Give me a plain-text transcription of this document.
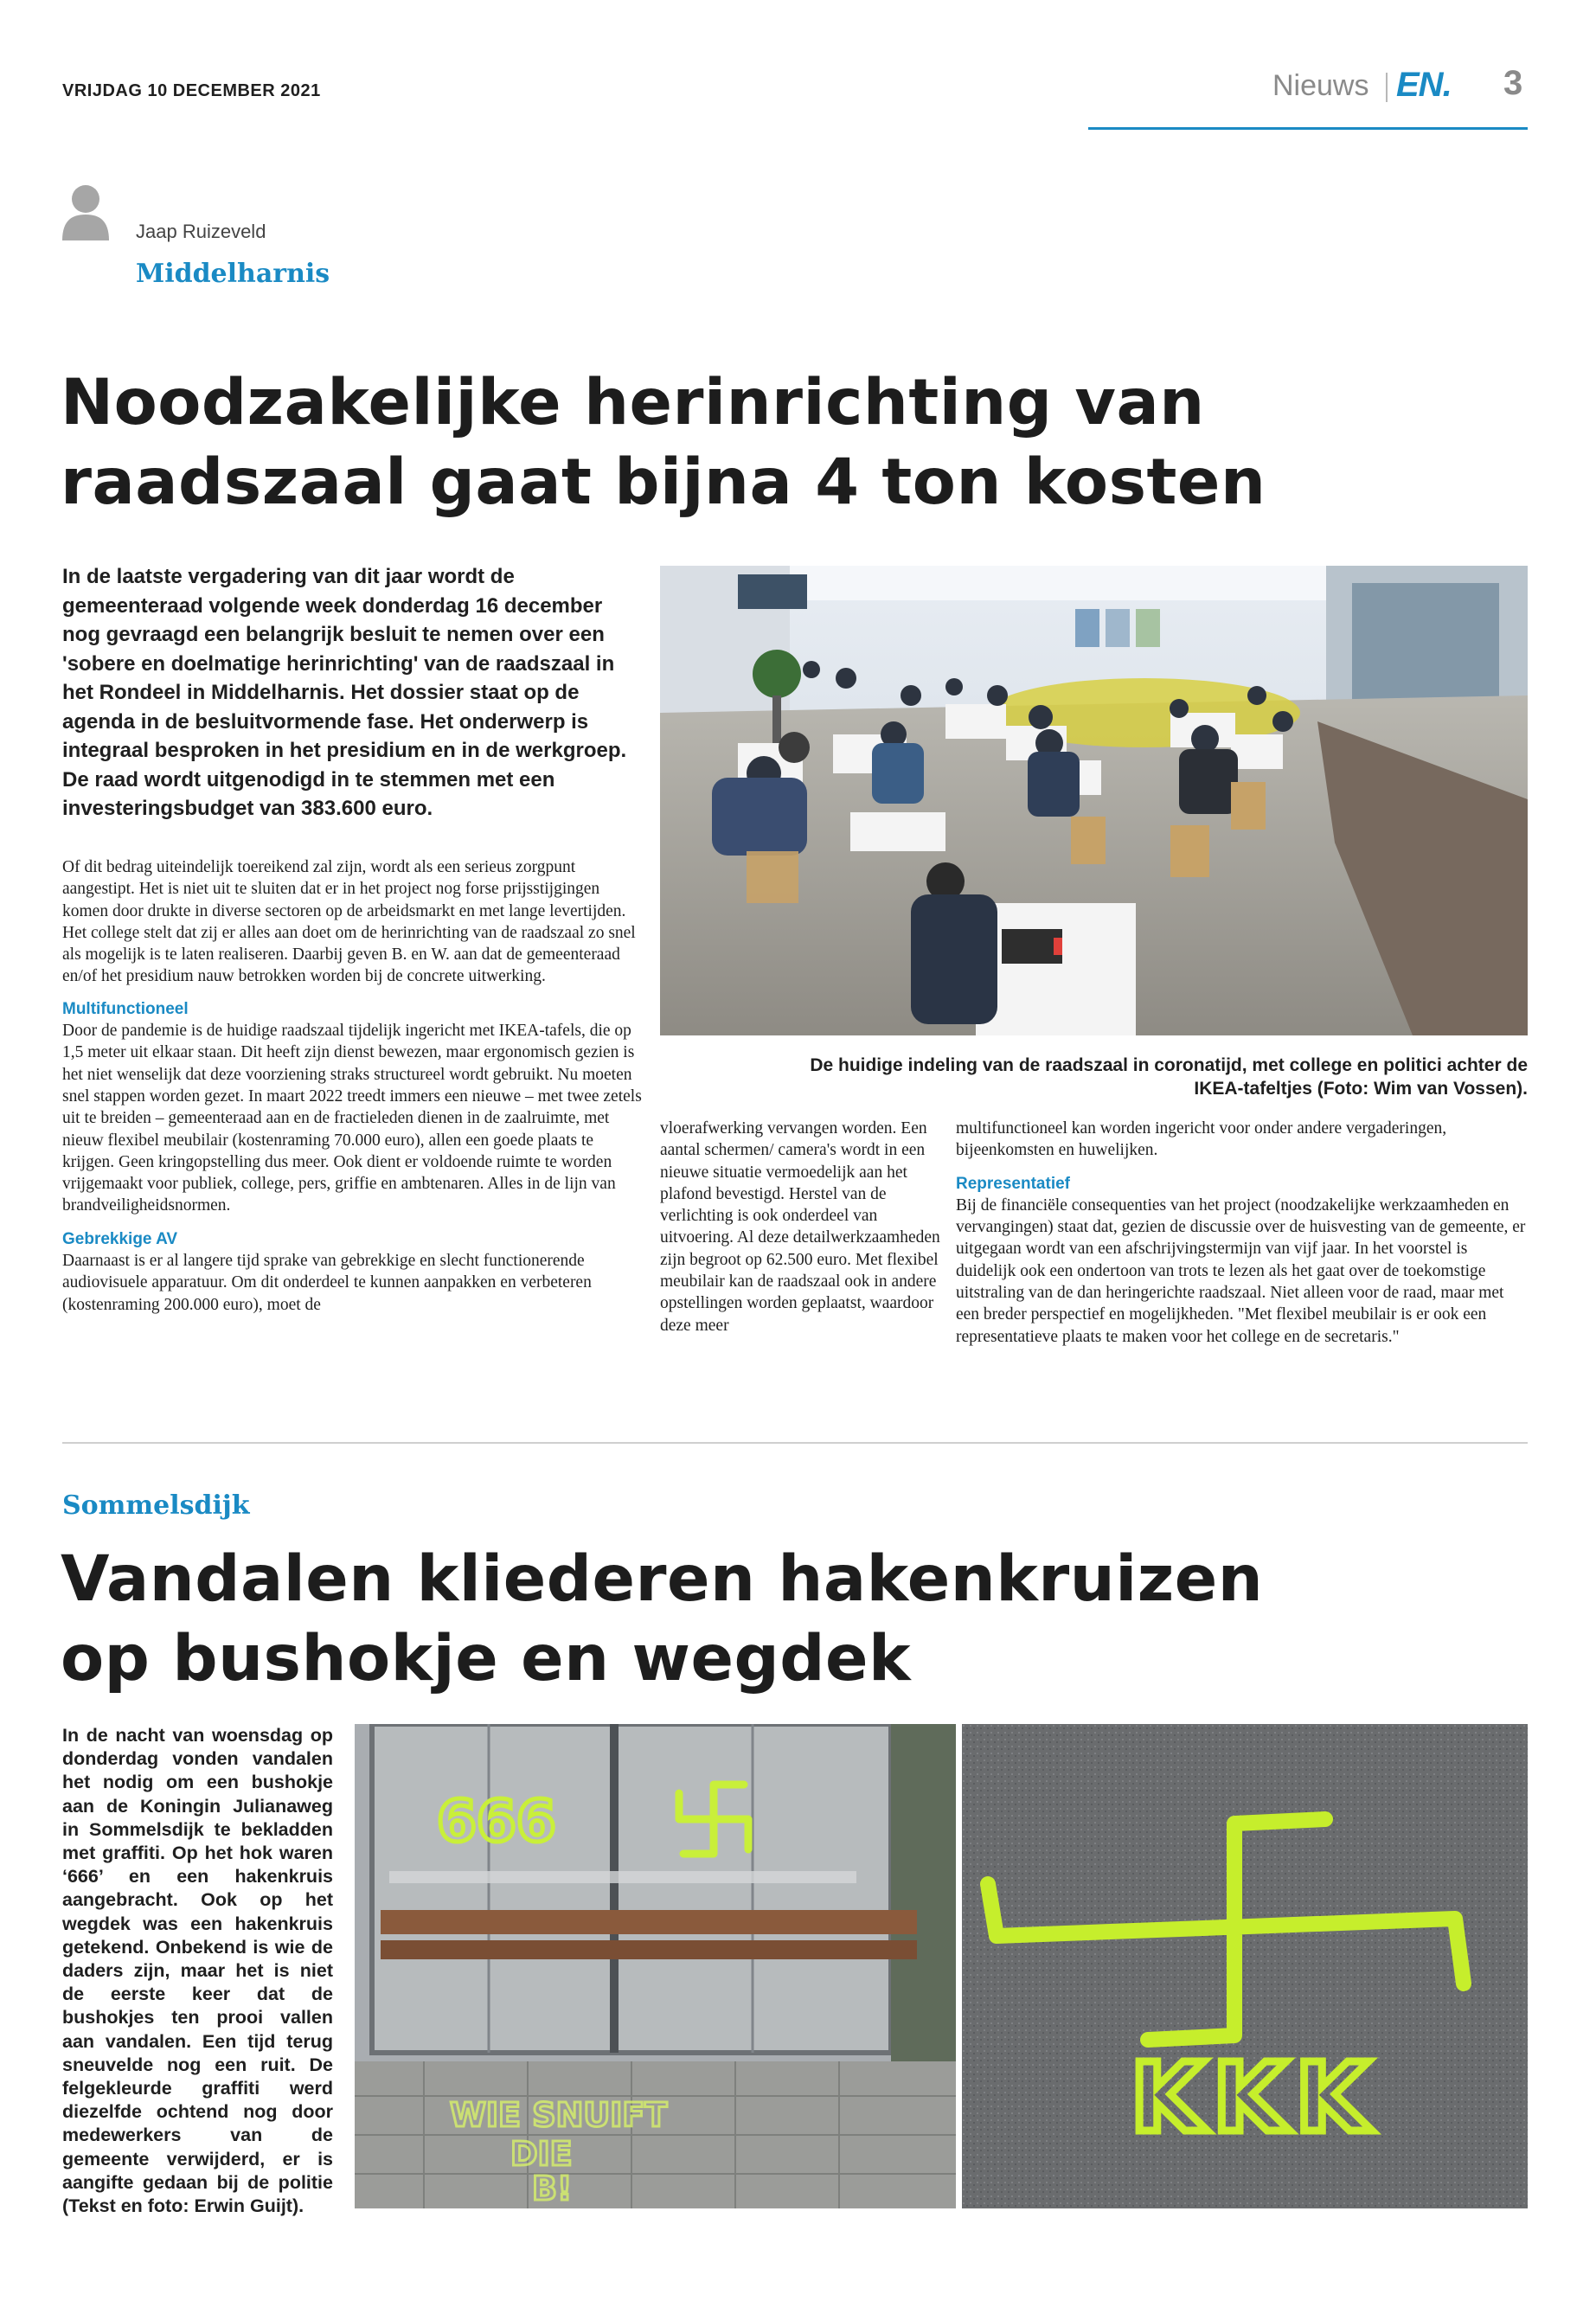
VRIJDAG 10 DECEMBER 2021	Nieuws EN. 3
Jaap Ruizeveld
Middelharnis
Noodzakelijke herinrichting van
raadszaal gaat bijna 4 ton kosten
In de laatste vergadering van dit jaar wordt de gemeenteraad volgende week donderdag 16 december nog gevraagd een belangrijk besluit te nemen over een 'sobere en doelmatige herinrichting' van de raadszaal in het Rondeel in Middelharnis. Het dossier staat op de agenda in de besluitvormende fase. Het onderwerp is integraal besproken in het presidium en in de werkgroep. De raad wordt uitgenodigd in te stemmen met een investeringsbudget van 383.600 euro.

Of dit bedrag uiteindelijk toereikend zal zijn, wordt als een serieus zorgpunt aangestipt. Het is niet uit te sluiten dat er in het project nog forse prijsstijgingen komen door drukte in diverse sectoren op de arbeidsmarkt en met lange levertijden. Het college stelt dat zij er alles aan doet om de herinrichting van de raadszaal zo snel als mogelijk is te laten realiseren. Daarbij geven B. en W. aan dat de gemeenteraad en/of het presidium nauw betrokken worden bij de concrete uitwerking.

Multifunctioneel

Door de pandemie is de huidige raadszaal tijdelijk ingericht met IKEA-tafels, die op 1,5 meter uit elkaar staan. Dit heeft zijn dienst bewezen, maar ergonomisch gezien is het niet wenselijk dat deze voorziening straks structureel wordt gebruikt. Nu moeten snel stappen worden gezet. In maart 2022 treedt immers een nieuwe – met twee zetels uit te breiden – gemeenteraad aan en de fractieleden dienen in de zaalruimte, met nieuw flexibel meubilair (kostenraming 70.000 euro), allen een goede plaats te krijgen. Geen kringopstelling dus meer. Ook dient er voldoende ruimte te worden vrijgemaakt voor publiek, college, pers, griffie en ambtenaren. Alles in de lijn van brandveiligheidsnormen.

Gebrekkige AV

Daarnaast is er al langere tijd sprake van gebrekkige en slecht functionerende audiovisuele apparatuur. Om dit onderdeel te kunnen aanpakken en verbeteren (kostenraming 200.000 euro), moet de

De huidige indeling van de raadszaal in coronatijd, met college en politici achter de
IKEA-tafeltjes (Foto: Wim van Vossen).

vloerafwerking vervangen worden. Een aantal schermen/ camera's wordt in een nieuwe situatie vermoedelijk aan het plafond bevestigd. Herstel van de verlichting is ook onderdeel van uitvoering. Al deze detailwerkzaamheden zijn begroot op 62.500 euro. Met flexibel meubilair kan de raadszaal ook in andere opstellingen worden geplaatst, waardoor deze meer

multifunctioneel kan worden ingericht voor onder andere vergaderingen, bijeenkomsten en huwelijken.

Representatief

Bij de financiële consequenties van het project (noodzakelijke werkzaamheden en vervangingen) staat dat, gezien de discussie over de huisvesting van de gemeente, er uitgegaan wordt van een afschrijvingstermijn van vijf jaar. In het voorstel is duidelijk ook een ondertoon van trots te lezen als het gaat over de toekomstige uitstraling van de dan heringerichte raadszaal. Niet alleen voor de raad, maar met een breder perspectief en mogelijkheden. "Met flexibel meubilair is er ook een representatieve plaats te maken voor het college en de secretaris."

Sommelsdijk
Vandalen kliederen hakenkruizen
op bushokje en wegdek
In de nacht van woensdag op donderdag vonden vandalen het nodig om een bushokje aan de Koningin Julianaweg in Sommelsdijk te bekladden met graffiti. Op het hok waren ‘666’ en een hakenkruis aangebracht. Ook op het wegdek was een hakenkruis getekend. Onbekend is wie de daders zijn, maar het is niet de eerste keer dat de bushokjes ten prooi vallen aan vandalen. Een tijd terug sneuvelde nog een ruit. De felgekleurde graffiti werd diezelfde ochtend nog door medewerkers van de gemeente verwijderd, er is aangifte gedaan bij de politie (Tekst en foto: Erwin Guijt).
666
WIE SNUIFT
DIE
B!
KKK
